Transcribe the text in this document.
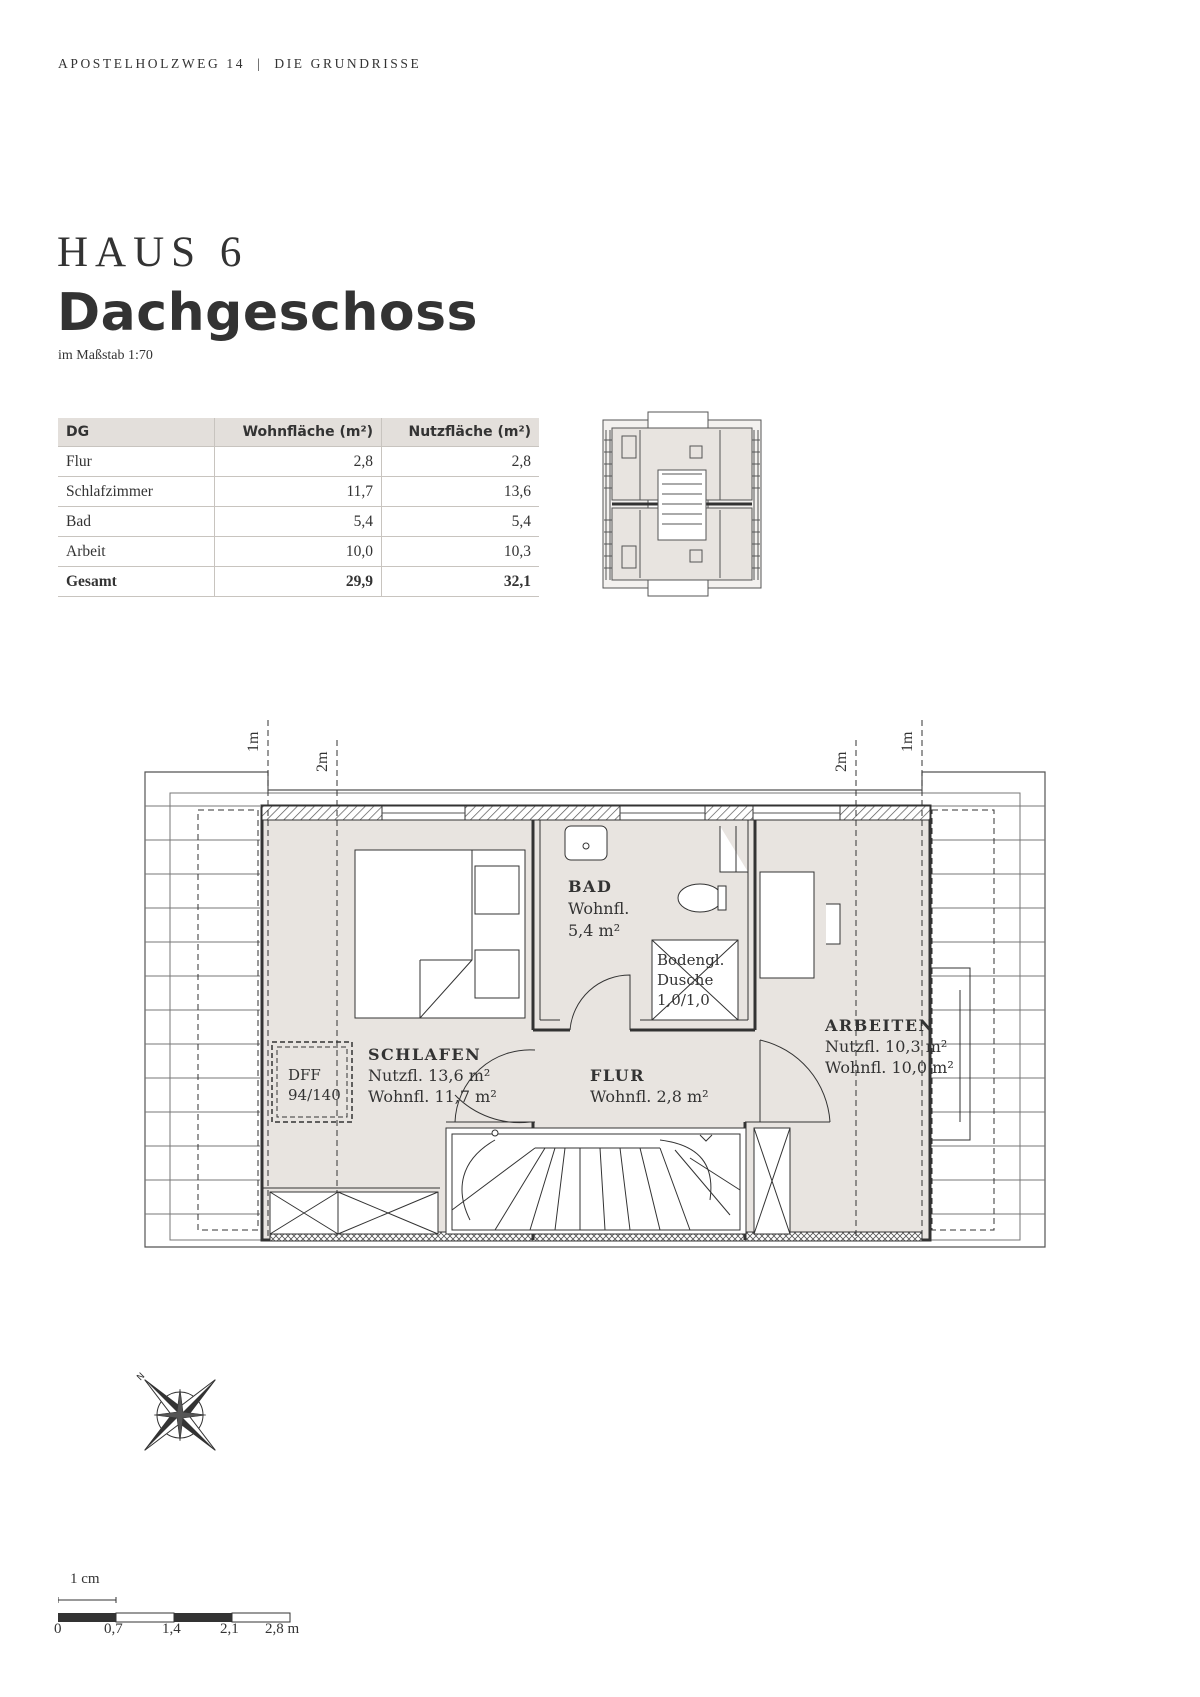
APOSTELHOLZWEG 14 | DIE GRUNDRISSE
HAUS 6
Dachgeschoss
im Maßstab 1:70
DG	Wohnfläche (m²)	Nutzfläche (m²)
Flur	2,8	2,8
Schlafzimmer	11,7	13,6
Bad	5,4	5,4
Arbeit	10,0	10,3
Gesamt	29,9	32,1
1m
2m	2m
1m
BAD
Wohnfl.
5,4 m²
Bodengl.
Dusche
1,0/1,0
SCHLAFEN
Nutzfl. 13,6 m²
Wohnfl. 11,7 m²
FLUR
Wohnfl. 2,8 m²
ARBEITEN
Nutzfl. 10,3 m²
Wohnfl. 10,0 m²
DFF
94/140
N
1 cm
0	0,7	1,4	2,1 2,8 m
